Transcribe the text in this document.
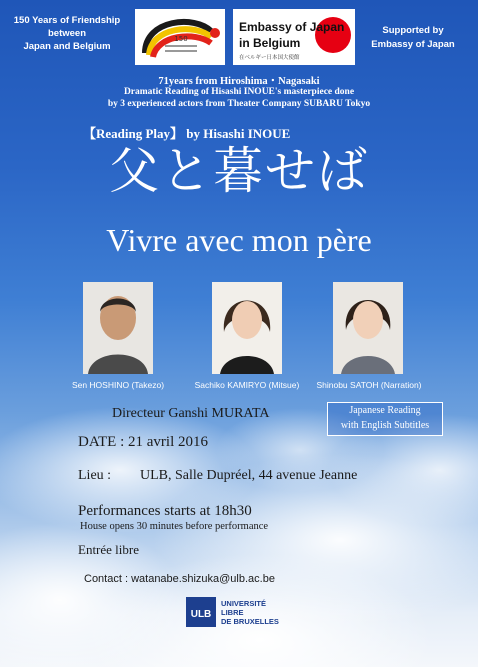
150 Years of Friendship
between
Japan and Belgium
150
Embassy of Japan
in Belgium
在ベルギー日本国大使館
Supported by
Embassy of Japan
71years from Hiroshima・Nagasaki
Dramatic Reading of Hisashi INOUE's masterpiece done
by 3 experienced actors from Theater Company SUBARU Tokyo
【Reading Play】 by Hisashi INOUE
父と暮せば
Vivre avec mon père
Sen HOSHINO (Takezo)	Sachiko KAMIRYO (Mitsue)	Shinobu SATOH (Narration)
Directeur Ganshi MURATA	Japanese Reading
with English Subtitles
DATE : 21 avril 2016
Lieu : ULB, Salle Dupréel, 44 avenue Jeanne
Performances starts at 18h30
House opens 30 minutes before performance
Entrée libre
Contact : watanabe.shizuka@ulb.ac.be
ULB
UNIVERSITÉ
LIBRE
DE BRUXELLES
